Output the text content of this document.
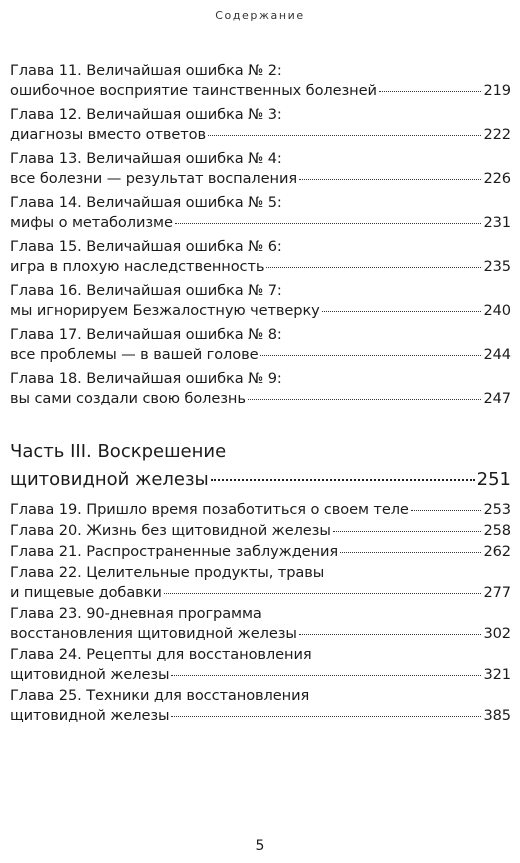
Содержание
Глава 11. Величайшая ошибка № 2:
ошибочное восприятие таинственных болезней	219
Глава 12. Величайшая ошибка № 3:
диагнозы вместо ответов	222
Глава 13. Величайшая ошибка № 4:
все болезни — результат воспаления	226
Глава 14. Величайшая ошибка № 5:
мифы о метаболизме	231
Глава 15. Величайшая ошибка № 6:
игра в плохую наследственность	235
Глава 16. Величайшая ошибка № 7:
мы игнорируем Безжалостную четверку	240
Глава 17. Величайшая ошибка № 8:
все проблемы — в вашей голове	244
Глава 18. Величайшая ошибка № 9:
вы сами создали свою болезнь	247
Часть III. Воскрешение
щитовидной железы	251
Глава 19. Пришло время позаботиться о своем теле	253
Глава 20. Жизнь без щитовидной железы	258
Глава 21. Распространенные заблуждения	262
Глава 22. Целительные продукты, травы
и пищевые добавки	277
Глава 23. 90-дневная программа
восстановления щитовидной железы	302
Глава 24. Рецепты для восстановления
щитовидной железы	321
Глава 25. Техники для восстановления
щитовидной железы	385
5
